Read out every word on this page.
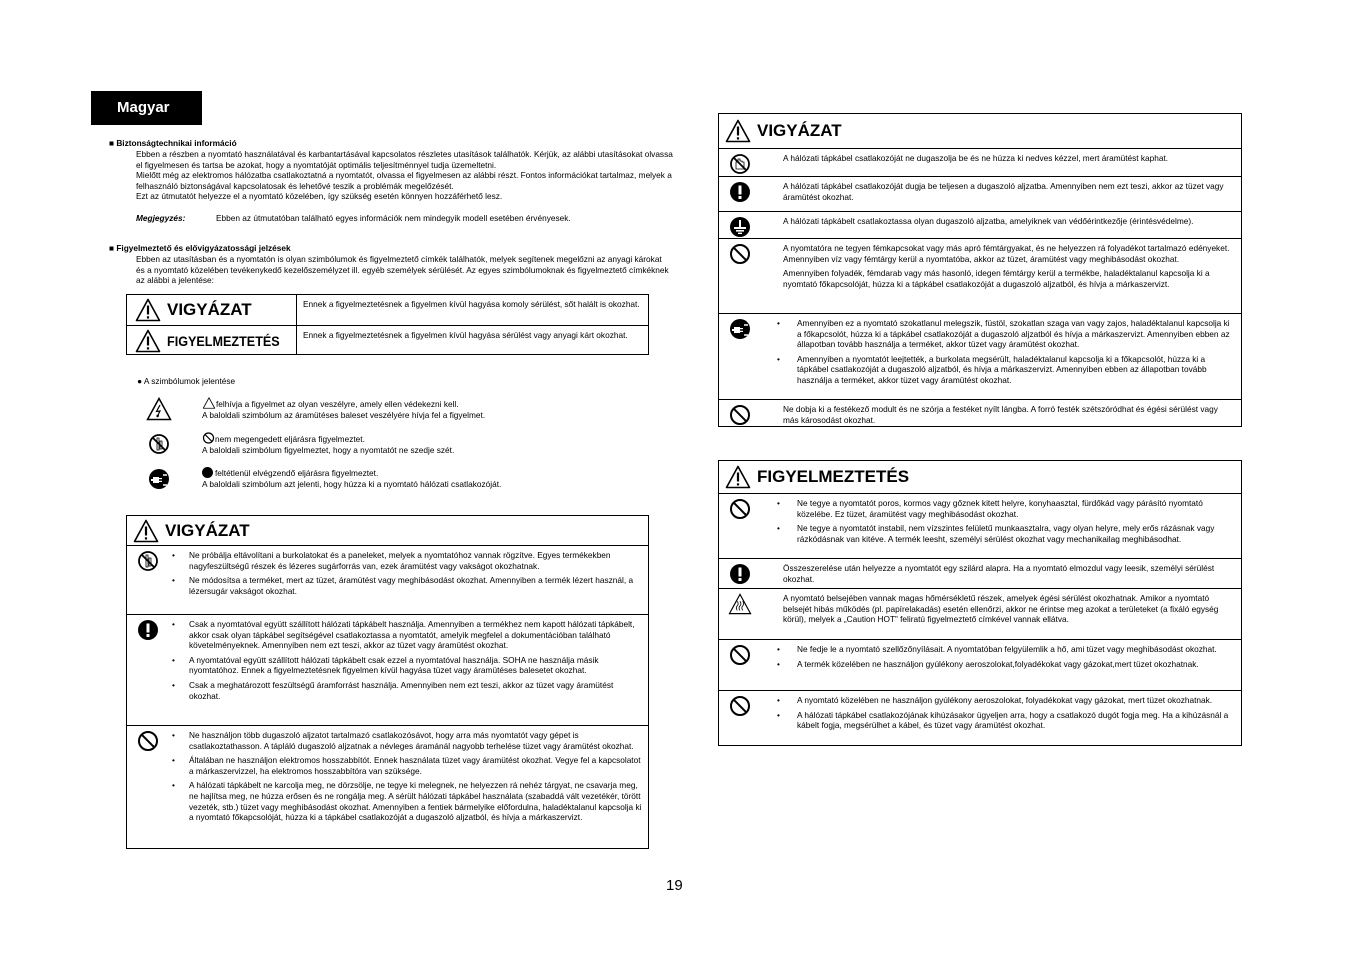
Magyar
■ Biztonságtechnikai információ
Ebben a részben a nyomtató használatával és karbantartásával kapcsolatos részletes utasítások találhatók. Kérjük, az alábbi utasításokat olvassa el figyelmesen és tartsa be azokat, hogy a nyomtatóját optimális teljesítménnyel tudja üzemeltetni.
Mielőtt még az elektromos hálózatba csatlakoztatná a nyomtatót, olvassa el figyelmesen az alábbi részt. Fontos információkat tartalmaz, melyek a felhasználó biztonságával kapcsolatosak és lehetővé teszik a problémák megelőzését.
Ezt az útmutatót helyezze el a nyomtató közelében, így szükség esetén könnyen hozzáférhető lesz.
Megjegyzés:	Ebben az útmutatóban található egyes információk nem mindegyik modell esetében érvényesek.
■ Figyelmeztető és elővigyázatossági jelzések
Ebben az utasításban és a nyomtatón is olyan szimbólumok és figyelmeztető címkék találhatók, melyek segítenek megelőzni az anyagi károkat és a nyomtató közelében tevékenykedő kezelőszemélyzet ill. egyéb személyek sérülését. Az egyes szimbólumoknak és figyelmeztető címkéknek az alábbi a jelentése:
VIGYÁZAT	Ennek a figyelmeztetésnek a figyelmen kívül hagyása komoly sérülést, sőt halált is okozhat.
FIGYELMEZTETÉS	Ennek a figyelmeztetésnek a figyelmen kívül hagyása sérülést vagy anyagi kárt okozhat.
● A szimbólumok jelentése
felhívja a figyelmet az olyan veszélyre, amely ellen védekezni kell.
A baloldali szimbólum az áramütéses baleset veszélyére hívja fel a figyelmet.
nem megengedett eljárásra figyelmeztet.
A baloldali szimbólum figyelmeztet, hogy a nyomtatót ne szedje szét.
feltétlenül elvégzendő eljárásra figyelmeztet.
A baloldali szimbólum azt jelenti, hogy húzza ki a nyomtató hálózati csatlakozóját.
VIGYÁZAT
• Ne próbálja eltávolítani a burkolatokat és a paneleket, melyek a nyomtatóhoz vannak rögzítve. Egyes termékekben nagyfeszültségű részek és lézeres sugárforrás van, ezek áramütést vagy vakságot okozhatnak.
• Ne módosítsa a terméket, mert az tüzet, áramütést vagy meghibásodást okozhat. Amennyiben a termék lézert használ, a lézersugár vakságot okozhat.
• Csak a nyomtatóval együtt szállított hálózati tápkábelt használja. Amennyiben a termékhez nem kapott hálózati tápkábelt, akkor csak olyan tápkábel segítségével csatlakoztassa a nyomtatót, amelyik megfelel a dokumentációban található követelményeknek. Amennyiben nem ezt teszi, akkor az tüzet vagy áramütést okozhat.
• A nyomtatóval együtt szállított hálózati tápkábelt csak ezzel a nyomtatóval használja. SOHA ne használja másik nyomtatóhoz. Ennek a figyelmeztetésnek figyelmen kívül hagyása tüzet vagy áramütéses balesetet okozhat.
• Csak a meghatározott feszültségű áramforrást használja. Amennyiben nem ezt teszi, akkor az tüzet vagy áramütést okozhat.
• Ne használjon több dugaszoló aljzatot tartalmazó csatlakozósávot, hogy arra más nyomtatót vagy gépet is csatlakoztathasson. A tápláló dugaszoló aljzatnak a névleges áramánál nagyobb terhelése tüzet vagy áramütést okozhat.
• Általában ne használjon elektromos hosszabbítót. Ennek használata tüzet vagy áramütést okozhat. Vegye fel a kapcsolatot a márkaszervizzel, ha elektromos hosszabbítóra van szüksége.
• A hálózati tápkábelt ne karcolja meg, ne dörzsölje, ne tegye ki melegnek, ne helyezzen rá nehéz tárgyat, ne csavarja meg, ne hajlítsa meg, ne húzza erősen és ne rongálja meg. A sérült hálózati tápkábel használata (szabaddá vált vezetékér, törött vezeték, stb.) tüzet vagy meghibásodást okozhat. Amennyiben a fentiek bármelyike előfordulna, haladéktalanul kapcsolja ki a nyomtató főkapcsolóját, húzza ki a tápkábel csatlakozóját a dugaszoló aljzatból, és hívja a márkaszervizt.
VIGYÁZAT

A hálózati tápkábel csatlakozóját ne dugaszolja be és ne húzza ki nedves kézzel, mert áramütést kaphat.

A hálózati tápkábel csatlakozóját dugja be teljesen a dugaszoló aljzatba. Amennyiben nem ezt teszi, akkor az tüzet vagy áramütést okozhat.

A hálózati tápkábelt csatlakoztassa olyan dugaszoló aljzatba, amelyiknek van védőérintkezője (érintésvédelme).

A nyomtatóra ne tegyen fémkapcsokat vagy más apró fémtárgyakat, és ne helyezzen rá folyadékot tartalmazó edényeket. Amennyiben víz vagy fémtárgy kerül a nyomtatóba, akkor az tüzet, áramütést vagy meghibásodást okozhat.

Amennyiben folyadék, fémdarab vagy más hasonló, idegen fémtárgy kerül a termékbe, haladéktalanul kapcsolja ki a nyomtató főkapcsolóját, húzza ki a tápkábel csatlakozóját a dugaszoló aljzatból, és hívja a márkaszervizt.

• Amennyiben ez a nyomtató szokatlanul melegszik, füstöl, szokatlan szaga van vagy zajos, haladéktalanul kapcsolja ki a főkapcsolót, húzza ki a tápkábel csatlakozóját a dugaszoló aljzatból és hívja a márkaszervizt. Amennyiben ebben az állapotban tovább használja a terméket, akkor tüzet vagy áramütést okozhat.
• Amennyiben a nyomtatót leejtették, a burkolata megsérült, haladéktalanul kapcsolja ki a főkapcsolót, húzza ki a tápkábel csatlakozóját a dugaszoló aljzatból, és hívja a márkaszervizt. Amennyiben ebben az állapotban tovább használja a terméket, akkor tüzet vagy áramütést okozhat.

Ne dobja ki a festékező modult és ne szórja a festéket nyílt lángba. A forró festék szétszóródhat és égési sérülést vagy más károsodást okozhat.

FIGYELMEZTETÉS
• Ne tegye a nyomtatót poros, kormos vagy gőznek kitett helyre, konyhaasztal, fürdőkád vagy párásító nyomtató közelébe. Ez tüzet, áramütést vagy meghibásodást okozhat.
• Ne tegye a nyomtatót instabil, nem vízszintes felületű munkaasztalra, vagy olyan helyre, mely erős rázásnak vagy rázkódásnak van kitéve. A termék leesht, személyi sérülést okozhat vagy mechanikailag meghibásodhat.

Összeszerelése után helyezze a nyomtatót egy szilárd alapra. Ha a nyomtató elmozdul vagy leesik, személyi sérülést okozhat.

A nyomtató belsejében vannak magas hőmérsékletű részek, amelyek égési sérülést okozhatnak. Amikor a nyomtató belsejét hibás működés (pl. papírelakadás) esetén ellenőrzi, akkor ne érintse meg azokat a területeket (a fixáló egység körül), melyek a „Caution HOT” feliratú figyelmeztető címkével vannak ellátva.

• Ne fedje le a nyomtató szellőzőnyílásait. A nyomtatóban felgyülemlik a hő, ami tüzet vagy meghibásodást okozhat.
• A termék közelében ne használjon gyúlékony aeroszolokat,folyadékokat vagy gázokat,mert tüzet okozhatnak.
• A nyomtató közelében ne használjon gyúlékony aeroszolokat, folyadékokat vagy gázokat, mert tüzet okozhatnak.
• A hálózati tápkábel csatlakozójának kihúzásakor ügyeljen arra, hogy a csatlakozó dugót fogja meg. Ha a kihúzásnál a kábelt fogja, megsérülhet a kábel, és tüzet vagy áramütést okozhat.
19
